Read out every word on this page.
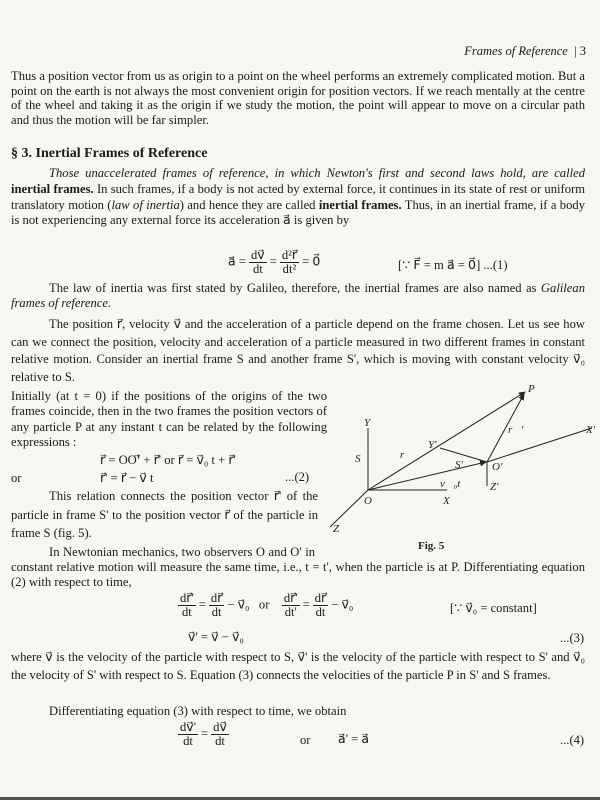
Frames of Reference | 3
Thus a position vector from us as origin to a point on the wheel performs an extremely complicated motion. But a point on the earth is not always the most convenient origin for position vectors. If we reach mentally at the centre of the wheel and taking it as the origin if we study the motion, the point will appear to move on a circular path and thus the motion will be far simpler.
§ 3. Inertial Frames of Reference
Those unaccelerated frames of reference, in which Newton's first and second laws hold, are called inertial frames. In such frames, if a body is not acted by external force, it continues in its state of rest or uniform translatory motion (law of inertia) and hence they are called inertial frames. Thus, in an inertial frame, if a body is not experiencing any external force its acceleration a⃗ is given by
a⃗ = $\frac{dv⃗}{dt} = \frac{\text{d²r⃗}}{\text{dt²}}$ = 0⃗	[∵ F⃗ = m a⃗ = 0⃗] ...(1)
The law of inertia was first stated by Galileo, therefore, the inertial frames are also named as Galilean frames of reference.
The position r⃗, velocity v⃗ and the acceleration of a particle depend on the frame chosen. Let us see how can we connect the position, velocity and acceleration of a particle measured in two different frames in constant relative motion. Consider an inertial frame S and another frame S', which is moving with constant velocity v⃗₀ relative to S.
Initially (at t = 0) if the positions of the origins of the two frames coincide, then in the two frames the position vectors of any particle P at any instant t can be related by the following expressions :
r⃗ = OO'⃗ + r⃗' or r⃗ = v⃗₀ t + r⃗'
or	r⃗' = r⃗ − v⃗ t	...(2)
This relation connects the position vector r⃗' of the particle in frame S' to the position vector r⃗ of the particle in frame S (fig. 5).
P
Y
Y'
X'
S	S'
r⃗
r⃗'
O'
v⃗₀t	Z'
O	X
Z
Fig. 5
In Newtonian mechanics, two observers O and O' in constant relative motion will measure the same time, i.e., t = t', when the particle is at P. Differentiating equation (2) with respect to time,
$\frac{dr⃗'}{dt} = \frac{dr⃗}{dt}$ − v⃗₀ or $\frac{dr⃗'}{dt'} = \frac{dr⃗}{dt}$ − v⃗₀	[∵ v⃗₀ = constant]
v⃗' = v⃗ − v⃗₀	...(3)
where v⃗ is the velocity of the particle with respect to S, v⃗' is the velocity of the particle with respect to S' and v⃗₀ the velocity of S' with respect to S. Equation (3) connects the velocities of the particle P in S' and S frames.
Differentiating equation (3) with respect to time, we obtain
$\frac{dv⃗'}{dt} = \frac{dv⃗}{dt}$	or a⃗' = a⃗	...(4)
